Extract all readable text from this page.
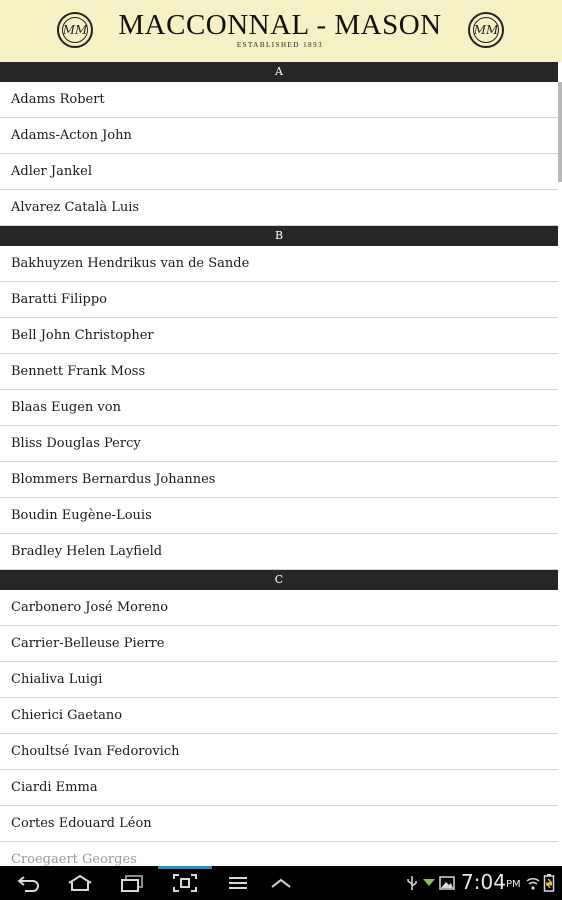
MM MACCONNAL - MASON
ESTABLISHED 1893
MM
A
Adams Robert
Adams-Acton John
Adler Jankel
Alvarez Català Luis
B
Bakhuyzen Hendrikus van de Sande
Baratti Filippo
Bell John Christopher
Bennett Frank Moss
Blaas Eugen von
Bliss Douglas Percy
Blommers Bernardus Johannes
Boudin Eugène-Louis
Bradley Helen Layfield
C
Carbonero José Moreno
Carrier-Belleuse Pierre
Chialiva Luigi
Chierici Gaetano
Choultsé Ivan Fedorovich
Ciardi Emma
Cortes Edouard Léon
Croegaert Georges
7:04 PM
